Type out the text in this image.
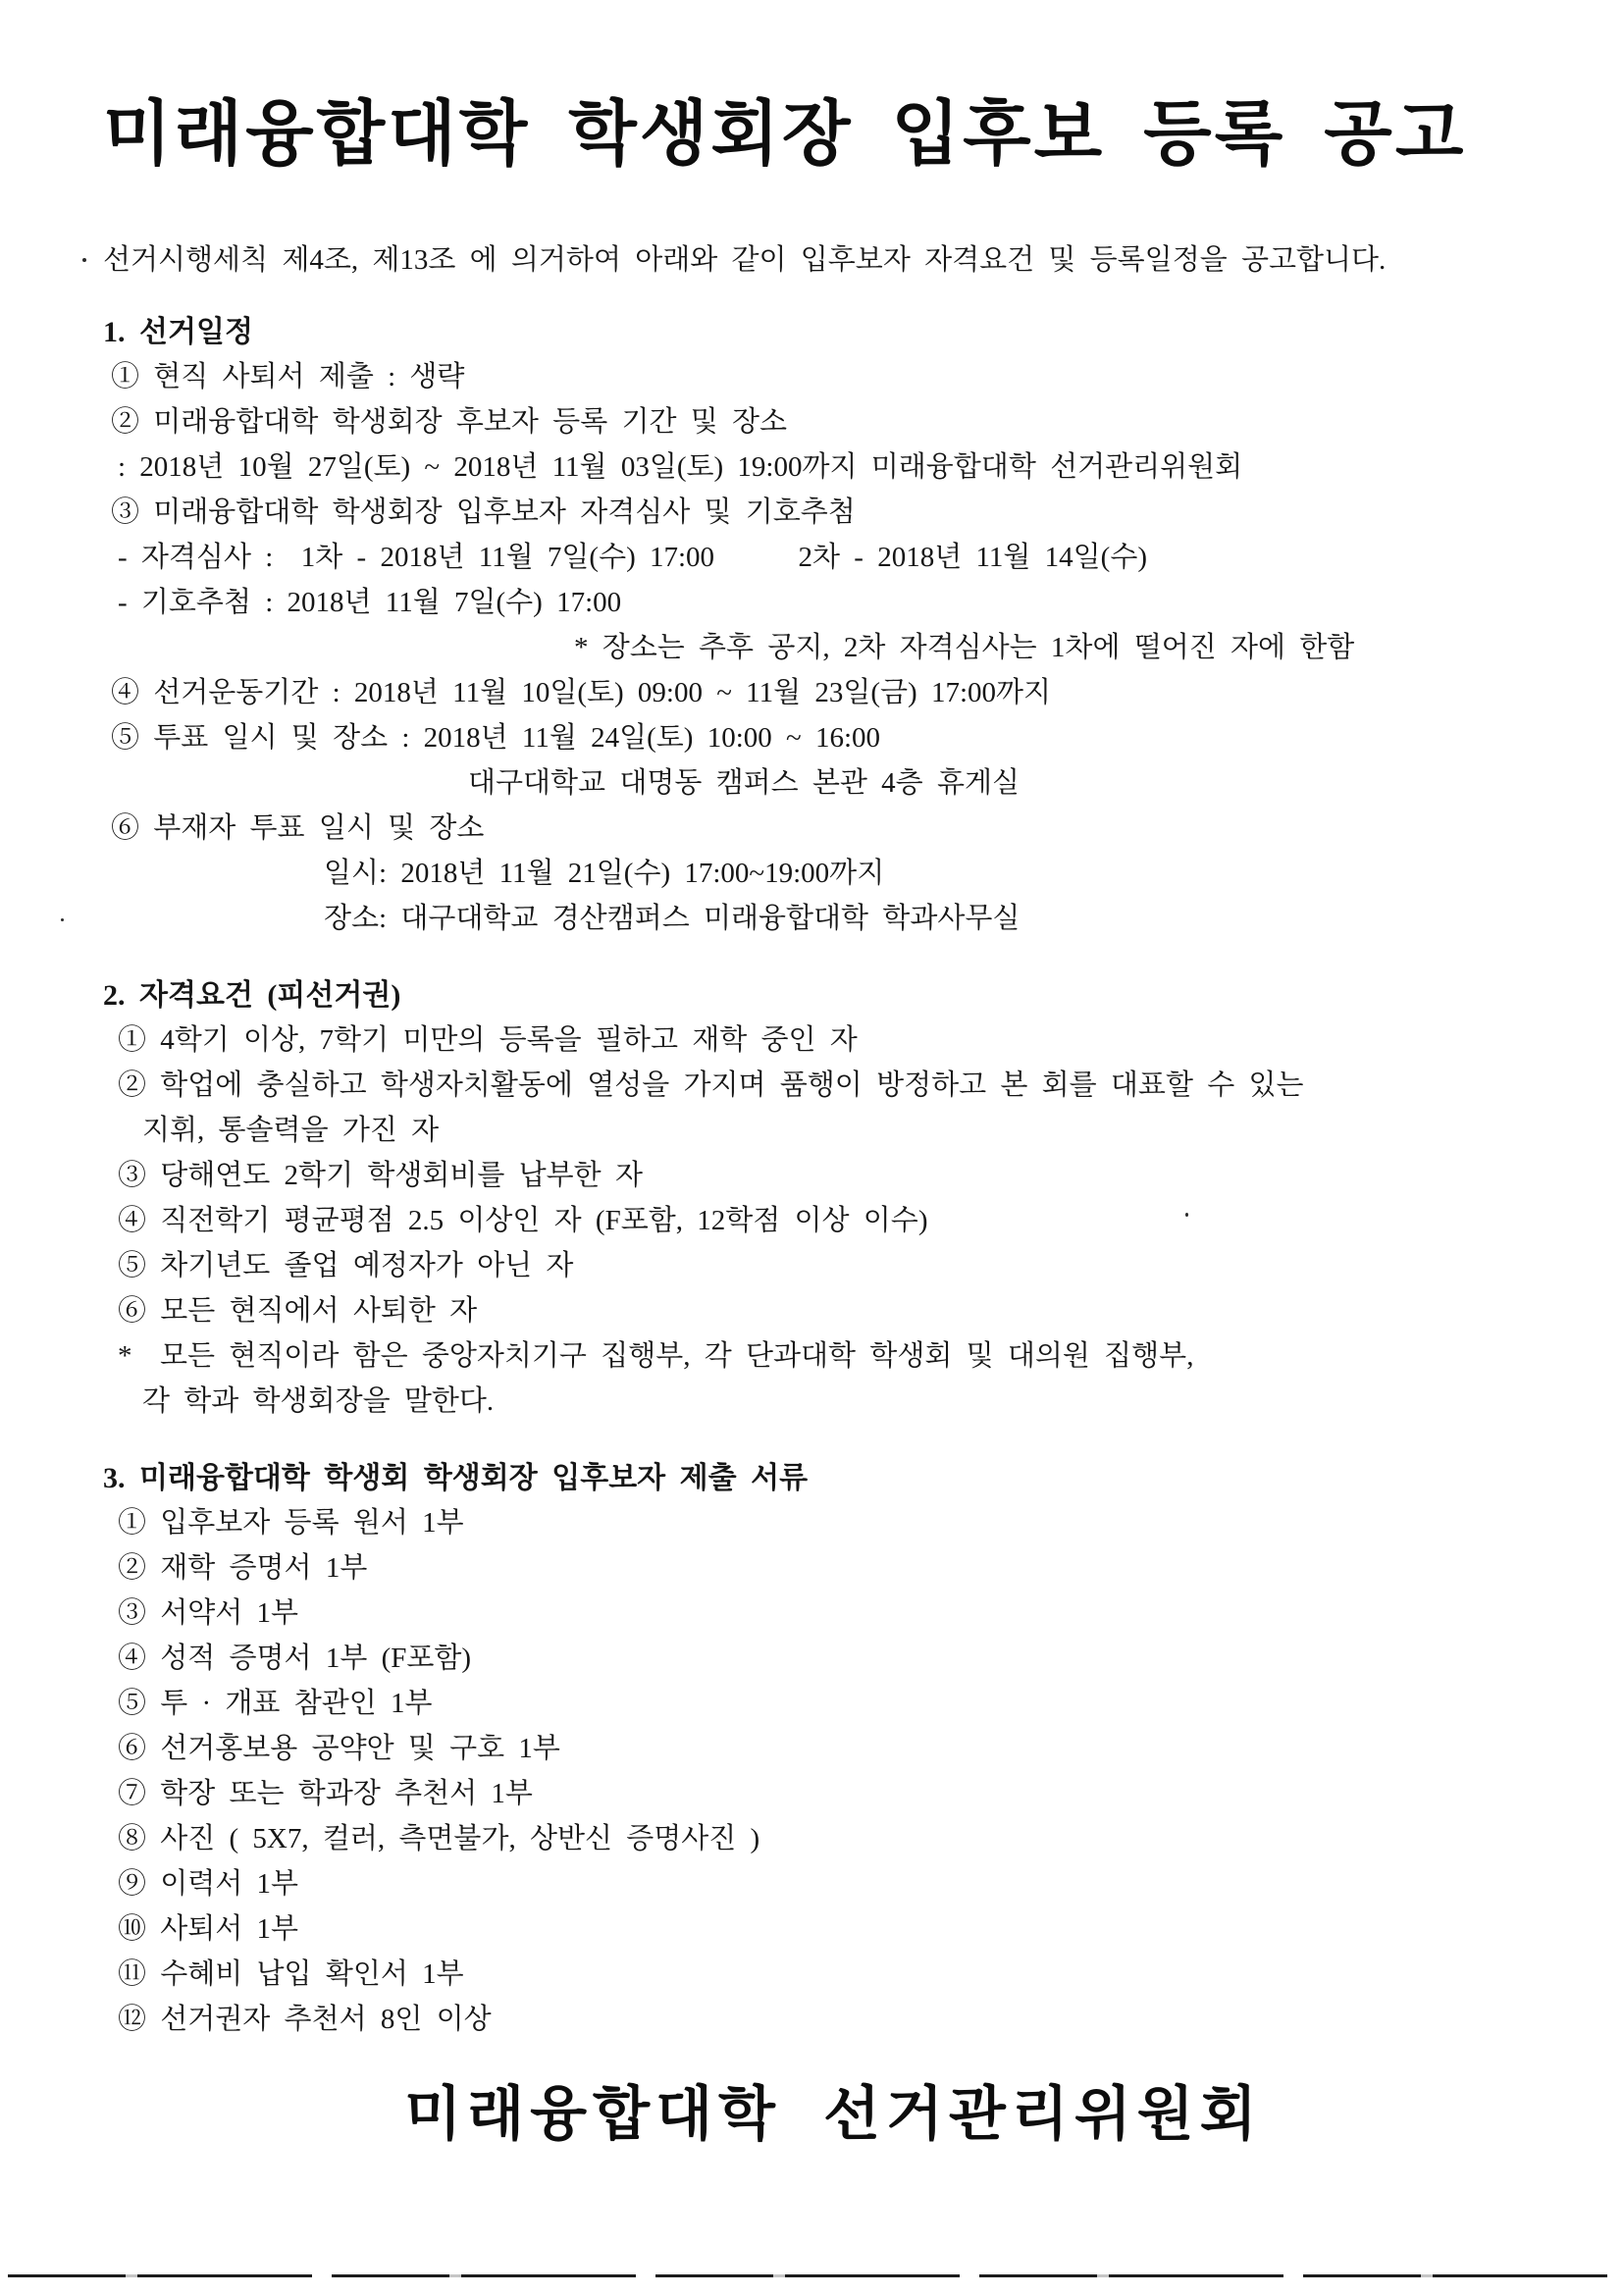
미래융합대학 학생회장 입후보 등록 공고
선거시행세칙 제4조, 제13조 에 의거하여 아래와 같이 입후보자 자격요건 및 등록일정을 공고합니다.
1. 선거일정
① 현직 사퇴서 제출 : 생략
② 미래융합대학 학생회장 후보자 등록 기간 및 장소
: 2018년 10월 27일(토) ~ 2018년 11월 03일(토) 19:00까지 미래융합대학 선거관리위원회
③ 미래융합대학 학생회장 입후보자 자격심사 및 기호추첨
- 자격심사 :  1차 - 2018년 11월 7일(수) 17:00      2차 - 2018년 11월 14일(수)
- 기호추첨 : 2018년 11월 7일(수) 17:00
* 장소는 추후 공지, 2차 자격심사는 1차에 떨어진 자에 한함
④ 선거운동기간 : 2018년 11월 10일(토) 09:00 ~ 11월 23일(금) 17:00까지
⑤ 투표 일시 및 장소 : 2018년 11월 24일(토) 10:00 ~ 16:00
대구대학교 대명동 캠퍼스 본관 4층 휴게실
⑥ 부재자 투표 일시 및 장소
일시: 2018년 11월 21일(수) 17:00~19:00까지
장소: 대구대학교 경산캠퍼스 미래융합대학 학과사무실
2. 자격요건 (피선거권)
① 4학기 이상, 7학기 미만의 등록을 필하고 재학 중인 자
② 학업에 충실하고 학생자치활동에 열성을 가지며 품행이 방정하고 본 회를 대표할 수 있는
지휘, 통솔력을 가진 자
③ 당해연도 2학기 학생회비를 납부한 자
④ 직전학기 평균평점 2.5 이상인 자 (F포함, 12학점 이상 이수)
⑤ 차기년도 졸업 예정자가 아닌 자
⑥ 모든 현직에서 사퇴한 자
*  모든 현직이라 함은 중앙자치기구 집행부, 각 단과대학 학생회 및 대의원 집행부,
각 학과 학생회장을 말한다.
3. 미래융합대학 학생회 학생회장 입후보자 제출 서류
① 입후보자 등록 원서 1부
② 재학 증명서 1부
③ 서약서 1부
④ 성적 증명서 1부 (F포함)
⑤ 투 · 개표 참관인 1부
⑥ 선거홍보용 공약안 및 구호 1부
⑦ 학장 또는 학과장 추천서 1부
⑧ 사진 ( 5X7, 컬러, 측면불가, 상반신 증명사진 )
⑨ 이력서 1부
⑩ 사퇴서 1부
⑪ 수혜비 납입 확인서 1부
⑫ 선거권자 추천서 8인 이상
미래융합대학 선거관리위원회
